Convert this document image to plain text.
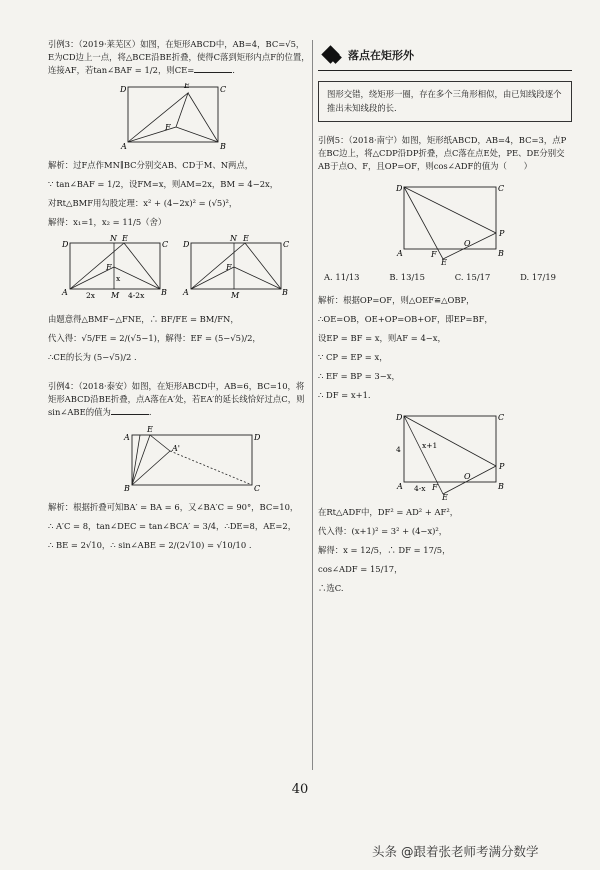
引例3：（2019·莱芜区）如图，在矩形ABCD中，AB=4，BC=√5，E为CD边上一点，将△BCE沿BE折叠，使得C落到矩形内点F的位置，连接AF，若tan∠BAF = 1/2，则CE=	.

D	E	C
A	B
F

解析：过F点作MN∥BC分别交AB、CD于M、N两点，

∵ tan∠BAF = 1/2，设FM=x，则AM=2x，BM = 4−2x，

对Rt△BMF用勾股定理：x² + (4−2x)² = (√5)²，

解得：x₁=1，x₂ = 11/5（舍）

D
N E
C
F
A	M	B
2x	4-2x
x
D
N E
C
F
A	M	B

由题意得△BMF∽△FNE，∴ BF/FE = BM/FN，

代入得：√5/FE = 2/(√5−1)，解得：EF = (5−√5)/2，

∴CE的长为 (5−√5)/2 .

引例4：（2018·泰安）如图，在矩形ABCD中，AB=6，BC=10，将矩形ABCD沿BE折叠，点A落在A′处，若EA′的延长线恰好过点C，则sin∠ABE的值为	.

A
E
D
A'
B	C

解析：根据折叠可知BA′ = BA = 6，又∠BA′C = 90°，BC=10，

∴ A′C = 8，tan∠DEC = tan∠BCA′ = 3/4，∴DE=8，AE=2，

∴ BE = 2√10，∴ sin∠ABE = 2/(2√10) = √10/10 .

落点在矩形外
图形交错，绕矩形一圈，存在多个三角形相似，由已知线段逐个推出未知线段的长.

引例5：（2018·南宁）如图，矩形纸ABCD，AB=4，BC=3，点P在BC边上，将△CDP沿DP折叠，点C落在点E处，PE、DE分别交AB于点O、F，且OP=OF，则cos∠ADF的值为（　　）

D	C
P
A	F
O
B
E
A. 11/13	B. 13/15	C. 15/17	D. 17/19

解析：根据OP=OF，则△OEF≌△OBP，

∴OE=OB，OE+OP=OB+OF，即EP=BF，

设EP = BF = x，则AF = 4−x，

∵ CP = EP = x，

∴ EF = BP = 3−x，

∴ DF = x+1.

D	C
P
4	x+1
A 4-x F
O
B
E

在Rt△ADF中，DF² = AD² + AF²，

代入得：(x+1)² = 3² + (4−x)²，

解得：x = 12/5，∴ DF = 17/5，

cos∠ADF = 15/17，

∴选C.

40
头条 @跟着张老师考满分数学
